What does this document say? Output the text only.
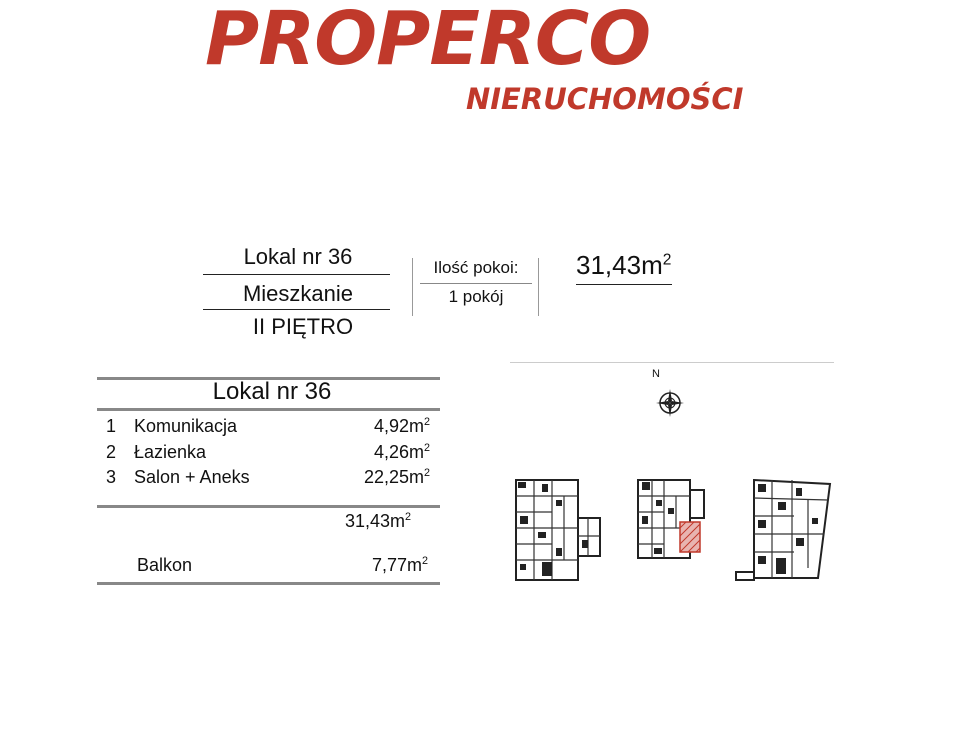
PROPERCO
NIERUCHOMOŚCI
Lokal nr 36
Mieszkanie
II PIĘTRO
Ilość pokoi:
1 pokój
$31,43m^2$
Lokal nr 36
1 Komunikacja	$4,92m^2$
2 Łazienka	$4,26m^2$
3 Salon + Aneks	$22,25m^2$
$31,43m^2$
Balkon	$7,77m^2$
N
